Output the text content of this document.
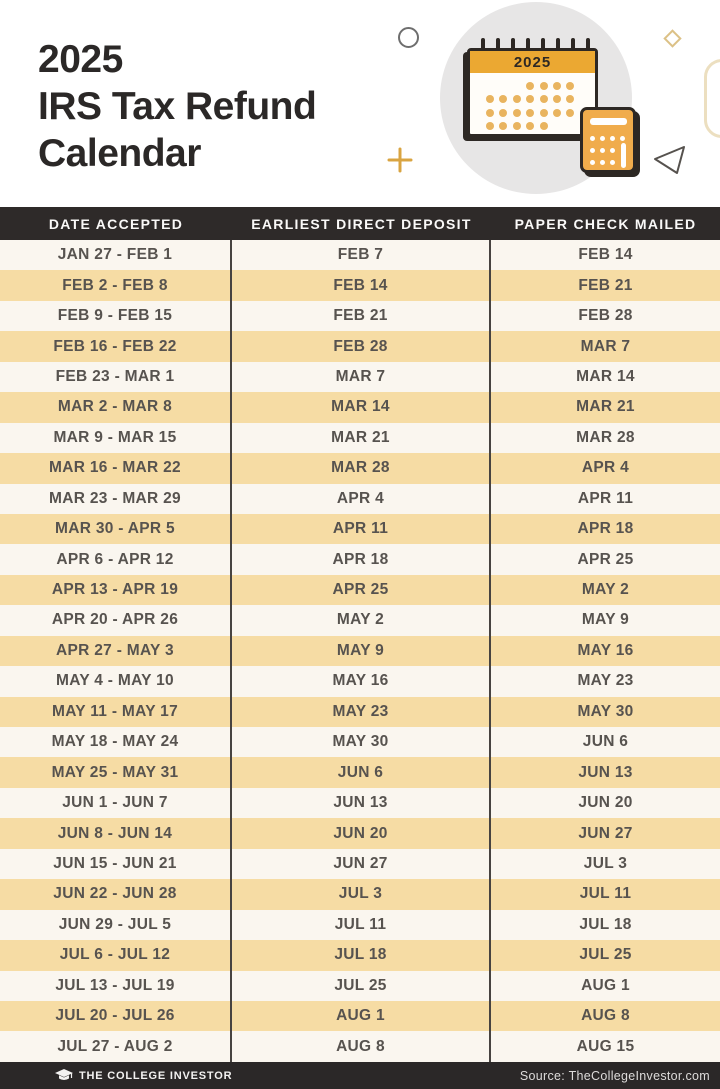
2025
IRS Tax Refund
Calendar
2025
DATE ACCEPTED	EARLIEST DIRECT DEPOSIT	PAPER CHECK MAILED
JAN 27 - FEB 1	FEB 7	FEB 14
FEB 2 - FEB 8	FEB 14	FEB 21
FEB 9 - FEB 15	FEB 21	FEB 28
FEB 16 - FEB 22	FEB 28	MAR 7
FEB 23 - MAR 1	MAR 7	MAR 14
MAR 2 - MAR 8	MAR 14	MAR 21
MAR 9 - MAR 15	MAR 21	MAR 28
MAR 16 - MAR 22	MAR 28	APR 4
MAR 23 - MAR 29	APR 4	APR 11
MAR 30 - APR 5	APR 11	APR 18
APR 6 - APR 12	APR 18	APR 25
APR 13 - APR 19	APR 25	MAY 2
APR 20 - APR 26	MAY 2	MAY 9
APR 27 - MAY 3	MAY 9	MAY 16
MAY 4 - MAY 10	MAY 16	MAY 23
MAY 11 - MAY 17	MAY 23	MAY 30
MAY 18 - MAY 24	MAY 30	JUN 6
MAY 25 - MAY 31	JUN 6	JUN 13
JUN 1 - JUN 7	JUN 13	JUN 20
JUN 8 - JUN 14	JUN 20	JUN 27
JUN 15 - JUN 21	JUN 27	JUL 3
JUN 22 - JUN 28	JUL 3	JUL 11
JUN 29 - JUL 5	JUL 11	JUL 18
JUL 6 - JUL 12	JUL 18	JUL 25
JUL 13 - JUL 19	JUL 25	AUG 1
JUL 20 - JUL 26	AUG 1	AUG 8
JUL 27 - AUG 2	AUG 8	AUG 15
THE COLLEGE INVESTOR	Source: TheCollegeInvestor.com
